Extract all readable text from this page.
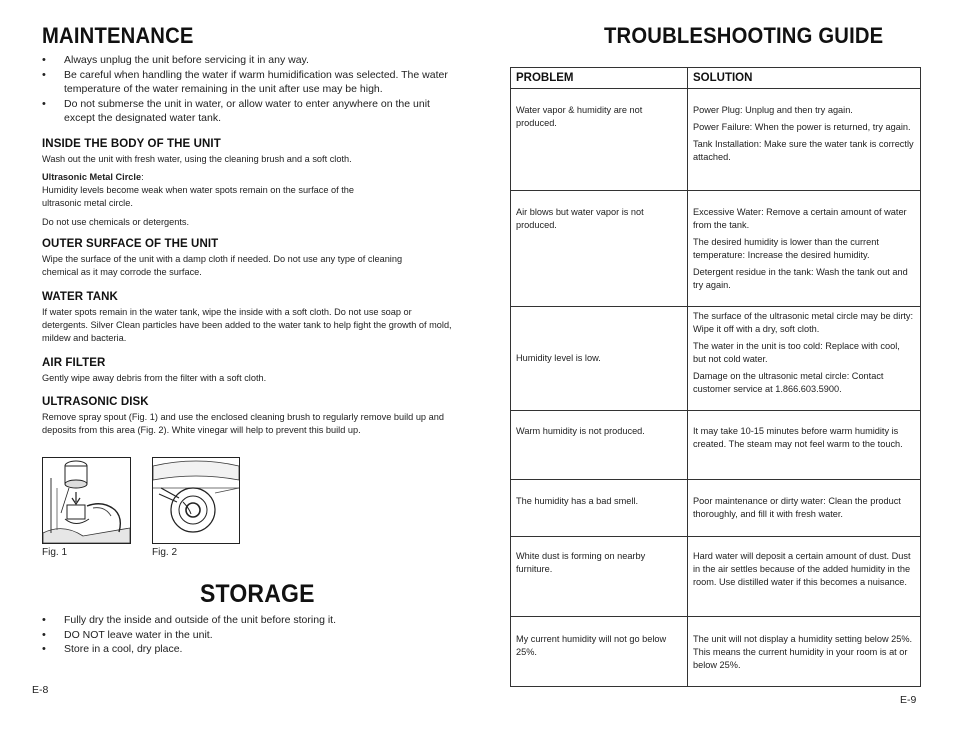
MAINTENANCE
• Always unplug the unit before servicing it in any way.
• Be careful when handling the water if warm humidification was selected. The water temperature of the water remaining in the unit after use may be high.
• Do not submerse the unit in water, or allow water to enter anywhere on the unit except the designated water tank.
INSIDE THE BODY OF THE UNIT

Wash out the unit with fresh water, using the cleaning brush and a soft cloth.

Ultrasonic Metal Circle:

Humidity levels become weak when water spots remain on the surface of the ultrasonic metal circle.

Do not use chemicals or detergents.

OUTER SURFACE OF THE UNIT

Wipe the surface of the unit with a damp cloth if needed. Do not use any type of cleaning chemical as it may corrode the surface.

WATER TANK

If water spots remain in the water tank, wipe the inside with a soft cloth. Do not use soap or detergents. Silver Clean particles have been added to the water tank to help fight the growth of mold, mildew and bacteria.

AIR FILTER

Gently wipe away debris from the filter with a soft cloth.

ULTRASONIC DISK

Remove spray spout (Fig. 1) and use the enclosed cleaning brush to regularly remove build up and deposits from this area (Fig. 2). White vinegar will help to prevent this build up.

Fig. 1	Fig. 2
STORAGE
• Fully dry the inside and outside of the unit before storing it.
• DO NOT leave water in the unit.
• Store in a cool, dry place.
E-8
TROUBLESHOOTING GUIDE
PROBLEM	SOLUTION
Water vapor & humidity are not produced.	Power Plug: Unplug and then try again.

Power Failure: When the power is returned, try again.

Tank Installation: Make sure the water tank is correctly attached.

Air blows but water vapor is not produced.	Excessive Water: Remove a certain amount of water from the tank.

The desired humidity is lower than the current temperature: Increase the desired humidity.

Detergent residue in the tank: Wash the tank out and try again.

Humidity level is low.	The surface of the ultrasonic metal circle may be dirty: Wipe it off with a dry, soft cloth.

The water in the unit is too cold: Replace with cool, but not cold water.

Damage on the ultrasonic metal circle: Contact customer service at 1.866.603.5900.

Warm humidity is not produced.	It may take 10-15 minutes before warm humidity is created. The steam may not feel warm to the touch.

The humidity has a bad smell.	Poor maintenance or dirty water: Clean the product thoroughly, and fill it with fresh water.

White dust is forming on nearby furniture.	Hard water will deposit a certain amount of dust. Dust in the air settles because of the added humidity in the room. Use distilled water if this becomes a nuisance.

My current humidity will not go below 25%.	The unit will not display a humidity setting below 25%. This means the current humidity in your room is at or below 25%.

E-9
